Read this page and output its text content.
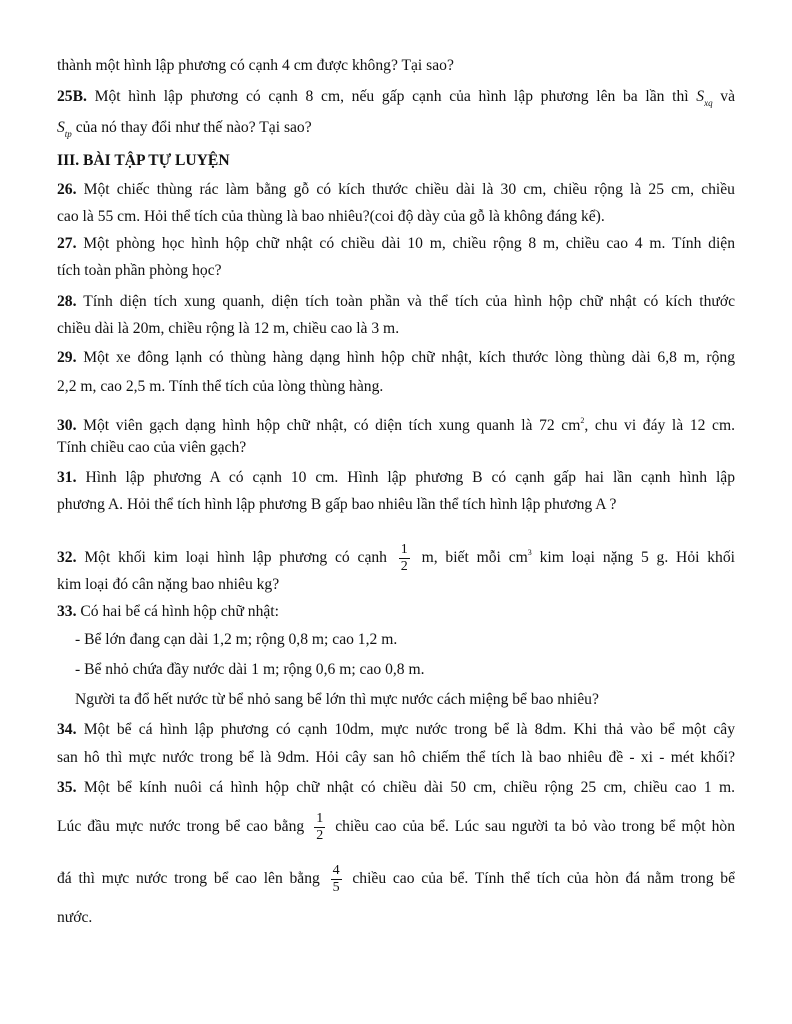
thành một hình lập phương có cạnh 4 cm được không? Tại sao?
25B. Một hình lập phương có cạnh 8 cm, nếu gấp cạnh của hình lập phương lên ba lần thì $S_{xq}$ và
$S_{tp}$ của nó thay đổi như thế nào? Tại sao?
III. BÀI TẬP TỰ LUYỆN
26. Một chiếc thùng rác làm bằng gỗ có kích thước chiều dài là 30 cm, chiều rộng là 25 cm, chiều
cao là 55 cm. Hỏi thể tích của thùng là bao nhiêu?(coi độ dày của gỗ là không đáng kể).
27. Một phòng học hình hộp chữ nhật có chiều dài 10 m, chiều rộng 8 m, chiều cao 4 m. Tính diện
tích toàn phần phòng học?
28. Tính diện tích xung quanh, diện tích toàn phần và thể tích của hình hộp chữ nhật có kích thước
chiều dài là 20m, chiều rộng là 12 m, chiều cao là 3 m.
29. Một xe đông lạnh có thùng hàng dạng hình hộp chữ nhật, kích thước lòng thùng dài 6,8 m, rộng
2,2 m, cao 2,5 m. Tính thể tích của lòng thùng hàng.
30. Một viên gạch dạng hình hộp chữ nhật, có diện tích xung quanh là 72 $cm^2$, chu vi đáy là 12 cm.
Tính chiều cao của viên gạch?
31. Hình lập phương A có cạnh 10 cm. Hình lập phương B có cạnh gấp hai lần cạnh hình lập
phương A. Hỏi thể tích hình lập phương B gấp bao nhiêu lần thể tích hình lập phương A ?
32. Một khối kim loại hình lập phương có cạnh $\frac{1}{2} m$, biết mỗi $cm^3$ kim loại nặng 5 g. Hỏi khối
kim loại đó cân nặng bao nhiêu kg?
33. Có hai bể cá hình hộp chữ nhật:
- Bể lớn đang cạn dài 1,2 m; rộng 0,8 m; cao 1,2 m.
- Bể nhỏ chứa đầy nước dài 1 m; rộng 0,6 m; cao 0,8 m.
Người ta đổ hết nước từ bể nhỏ sang bể lớn thì mực nước cách miệng bể bao nhiêu?
34. Một bể cá hình lập phương có cạnh 10dm, mực nước trong bể là 8dm. Khi thả vào bể một cây
san hô thì mực nước trong bể là 9dm. Hỏi cây san hô chiếm thể tích là bao nhiêu đề - xi - mét khối?
35. Một bể kính nuôi cá hình hộp chữ nhật có chiều dài 50 cm, chiều rộng 25 cm, chiều cao 1 m.
Lúc đầu mực nước trong bể cao bằng $\frac{1}{2}$ chiều cao của bể. Lúc sau người ta bỏ vào trong bể một hòn
đá thì mực nước trong bể cao lên bằng $\frac{4}{5}$ chiều cao của bể. Tính thể tích của hòn đá nằm trong bể
nước.
